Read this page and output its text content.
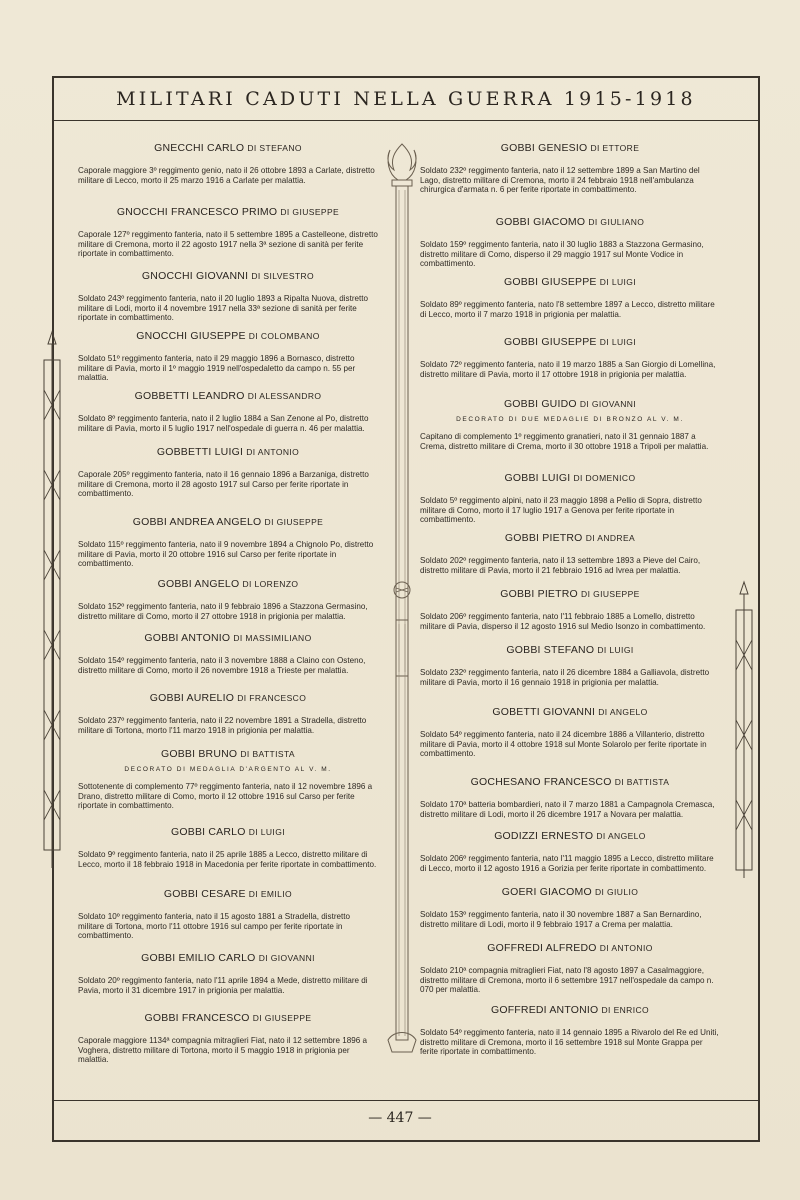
MILITARI CADUTI NELLA GUERRA 1915-1918
GNECCHI CARLO DI STEFANO
Caporale maggiore 3º reggimento genio, nato il 26 ottobre 1893 a Carlate, distretto militare di Lecco, morto il 25 marzo 1916 a Carlate per malattia.
GNOCCHI FRANCESCO PRIMO DI GIUSEPPE
Caporale 127º reggimento fanteria, nato il 5 settembre 1895 a Castelleone, distretto militare di Cremona, morto il 22 agosto 1917 nella 3ª sezione di sanità per ferite riportate in combattimento.
GNOCCHI GIOVANNI DI SILVESTRO
Soldato 243º reggimento fanteria, nato il 20 luglio 1893 a Ripalta Nuova, distretto militare di Lodi, morto il 4 novembre 1917 nella 33ª sezione di sanità per ferite riportate in combattimento.
GNOCCHI GIUSEPPE DI COLOMBANO
Soldato 51º reggimento fanteria, nato il 29 maggio 1896 a Bornasco, distretto militare di Pavia, morto il 1º maggio 1919 nell'ospedaletto da campo n. 55 per malattia.
GOBBETTI LEANDRO DI ALESSANDRO
Soldato 8º reggimento fanteria, nato il 2 luglio 1884 a San Zenone al Po, distretto militare di Pavia, morto il 5 luglio 1917 nell'ospedale di guerra n. 46 per malattia.
GOBBETTI LUIGI DI ANTONIO
Caporale 205º reggimento fanteria, nato il 16 gennaio 1896 a Barzaniga, distretto militare di Cremona, morto il 28 agosto 1917 sul Carso per ferite riportate in combattimento.
GOBBI ANDREA ANGELO DI GIUSEPPE
Soldato 115º reggimento fanteria, nato il 9 novembre 1894 a Chignolo Po, distretto militare di Pavia, morto il 20 ottobre 1916 sul Carso per ferite riportate in combattimento.
GOBBI ANGELO DI LORENZO
Soldato 152º reggimento fanteria, nato il 9 febbraio 1896 a Stazzona Germasino, distretto militare di Como, morto il 27 ottobre 1918 in prigionia per malattia.
GOBBI ANTONIO DI MASSIMILIANO
Soldato 154º reggimento fanteria, nato il 3 novembre 1888 a Claino con Osteno, distretto militare di Como, morto il 26 novembre 1918 a Trieste per malattia.
GOBBI AURELIO DI FRANCESCO
Soldato 237º reggimento fanteria, nato il 22 novembre 1891 a Stradella, distretto militare di Tortona, morto l'11 marzo 1918 in prigionia per malattia.
GOBBI BRUNO DI BATTISTA
DECORATO DI MEDAGLIA D'ARGENTO AL V. M.
Sottotenente di complemento 77º reggimento fanteria, nato il 12 novembre 1896 a Drano, distretto militare di Como, morto il 12 ottobre 1916 sul Carso per ferite riportate in combattimento.
GOBBI CARLO DI LUIGI
Soldato 9º reggimento fanteria, nato il 25 aprile 1885 a Lecco, distretto militare di Lecco, morto il 18 febbraio 1918 in Macedonia per ferite riportate in combattimento.
GOBBI CESARE DI EMILIO
Soldato 10º reggimento fanteria, nato il 15 agosto 1881 a Stradella, distretto militare di Tortona, morto l'11 ottobre 1916 sul campo per ferite riportate in combattimento.
GOBBI EMILIO CARLO DI GIOVANNI
Soldato 20º reggimento fanteria, nato l'11 aprile 1894 a Mede, distretto militare di Pavia, morto il 31 dicembre 1917 in prigionia per malattia.
GOBBI FRANCESCO DI GIUSEPPE
Caporale maggiore 1134ª compagnia mitraglieri Fiat, nato il 12 settembre 1896 a Voghera, distretto militare di Tortona, morto il 5 maggio 1918 in prigionia per malattia.
GOBBI GENESIO DI ETTORE
Soldato 232º reggimento fanteria, nato il 12 settembre 1899 a San Martino del Lago, distretto militare di Cremona, morto il 24 febbraio 1918 nell'ambulanza chirurgica d'armata n. 6 per ferite riportate in combattimento.
GOBBI GIACOMO DI GIULIANO
Soldato 159º reggimento fanteria, nato il 30 luglio 1883 a Stazzona Germasino, distretto militare di Como, disperso il 29 maggio 1917 sul Monte Vodice in combattimento.
GOBBI GIUSEPPE DI LUIGI
Soldato 89º reggimento fanteria, nato l'8 settembre 1897 a Lecco, distretto militare di Lecco, morto il 7 marzo 1918 in prigionia per malattia.
GOBBI GIUSEPPE DI LUIGI
Soldato 72º reggimento fanteria, nato il 19 marzo 1885 a San Giorgio di Lomellina, distretto militare di Pavia, morto il 17 ottobre 1918 in prigionia per malattia.
GOBBI GUIDO DI GIOVANNI
DECORATO DI DUE MEDAGLIE DI BRONZO AL V. M.
Capitano di complemento 1º reggimento granatieri, nato il 31 gennaio 1887 a Crema, distretto militare di Crema, morto il 30 ottobre 1918 a Tripoli per malattia.
GOBBI LUIGI DI DOMENICO
Soldato 5º reggimento alpini, nato il 23 maggio 1898 a Pellio di Sopra, distretto militare di Como, morto il 17 luglio 1917 a Genova per ferite riportate in combattimento.
GOBBI PIETRO DI ANDREA
Soldato 202º reggimento fanteria, nato il 13 settembre 1893 a Pieve del Cairo, distretto militare di Pavia, morto il 21 febbraio 1916 ad Ivrea per malattia.
GOBBI PIETRO DI GIUSEPPE
Soldato 206º reggimento fanteria, nato l'11 febbraio 1885 a Lomello, distretto militare di Pavia, disperso il 12 agosto 1916 sul Medio Isonzo in combattimento.
GOBBI STEFANO DI LUIGI
Soldato 232º reggimento fanteria, nato il 26 dicembre 1884 a Galliavola, distretto militare di Pavia, morto il 16 gennaio 1918 in prigionia per malattia.
GOBETTI GIOVANNI DI ANGELO
Soldato 54º reggimento fanteria, nato il 24 dicembre 1886 a Villanterio, distretto militare di Pavia, morto il 4 ottobre 1918 sul Monte Solarolo per ferite riportate in combattimento.
GOCHESANO FRANCESCO DI BATTISTA
Soldato 170ª batteria bombardieri, nato il 7 marzo 1881 a Campagnola Cremasca, distretto militare di Lodi, morto il 26 dicembre 1917 a Novara per malattia.
GODIZZI ERNESTO DI ANGELO
Soldato 206º reggimento fanteria, nato l'11 maggio 1895 a Lecco, distretto militare di Lecco, morto il 12 agosto 1916 a Gorizia per ferite riportate in combattimento.
GOERI GIACOMO DI GIULIO
Soldato 153º reggimento fanteria, nato il 30 novembre 1887 a San Bernardino, distretto militare di Lodi, morto il 9 febbraio 1917 a Crema per malattia.
GOFFREDI ALFREDO DI ANTONIO
Soldato 210ª compagnia mitraglieri Fiat, nato l'8 agosto 1897 a Casalmaggiore, distretto militare di Cremona, morto il 6 settembre 1917 nell'ospedale da campo n. 070 per malattia.
GOFFREDI ANTONIO DI ENRICO
Soldato 54º reggimento fanteria, nato il 14 gennaio 1895 a Rivarolo del Re ed Uniti, distretto militare di Cremona, morto il 16 settembre 1918 sul Monte Grappa per ferite riportate in combattimento.
— 447 —
